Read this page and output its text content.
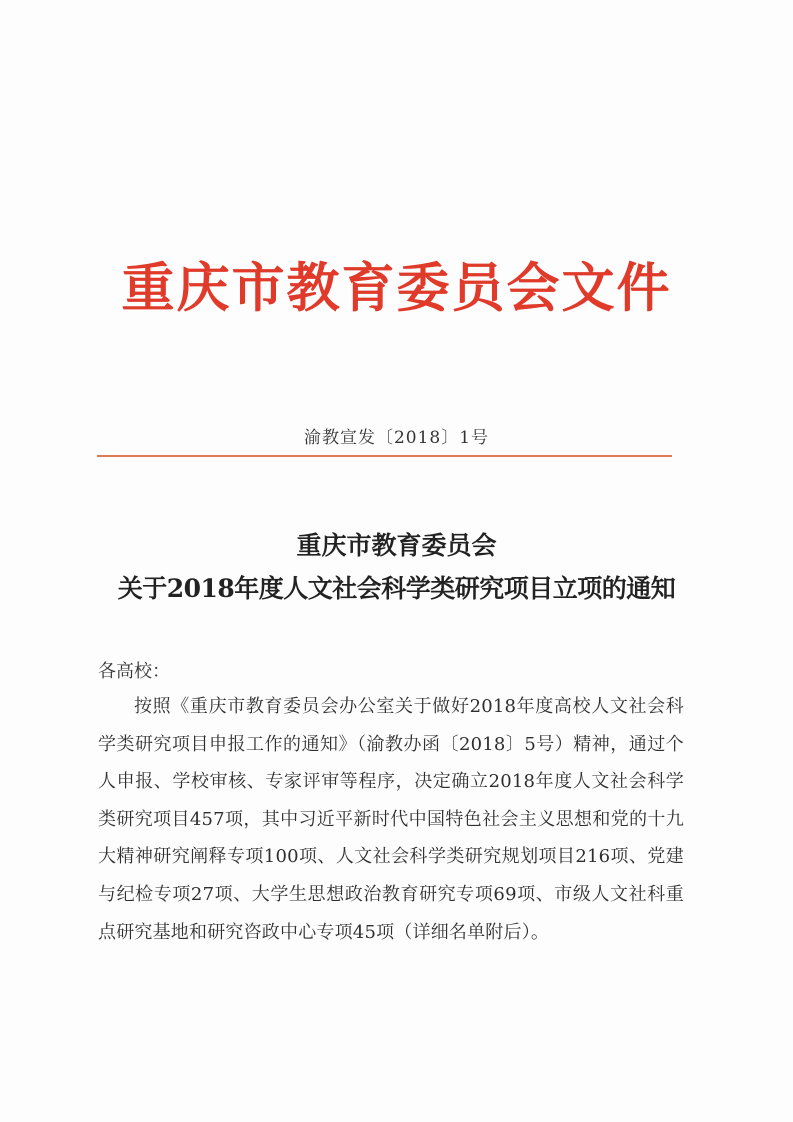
重庆市教育委员会文件
渝教宣发〔2018〕1号
重庆市教育委员会
关于2018年度人文社会科学类研究项目立项的通知
各高校：
按照《重庆市教育委员会办公室关于做好2018年度高校人文社会科学类研究项目申报工作的通知》（渝教办函〔2018〕5号）精神，通过个人申报、学校审核、专家评审等程序，决定确立2018年度人文社会科学类研究项目457项，其中习近平新时代中国特色社会主义思想和党的十九大精神研究阐释专项100项、人文社会科学类研究规划项目216项、党建与纪检专项27项、大学生思想政治教育研究专项69项、市级人文社科重点研究基地和研究咨政中心专项45项（详细名单附后）。
